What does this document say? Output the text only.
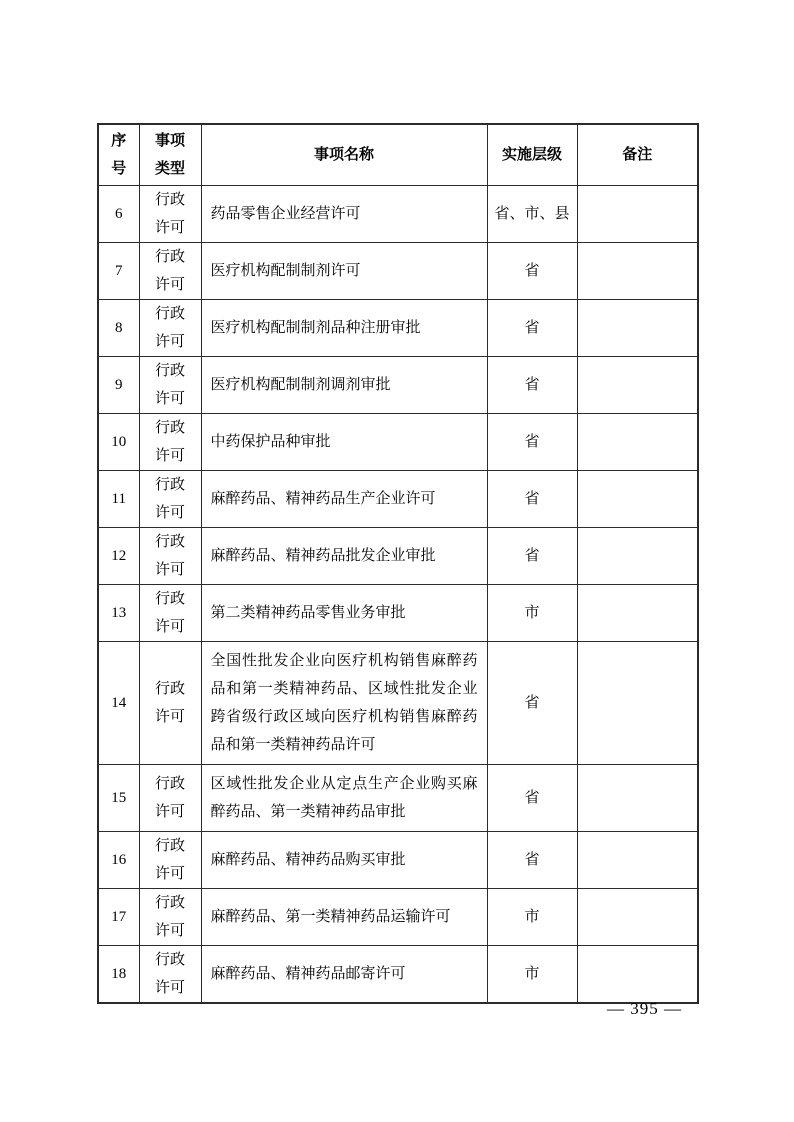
序号	事项类型	事项名称	实施层级	备注
6	行政许可	药品零售企业经营许可	省、市、县	
7	行政许可	医疗机构配制制剂许可	省	
8	行政许可	医疗机构配制制剂品种注册审批	省	
9	行政许可	医疗机构配制制剂调剂审批	省	
10	行政许可	中药保护品种审批	省	
11	行政许可	麻醉药品、精神药品生产企业许可	省	
12	行政许可	麻醉药品、精神药品批发企业审批	省	
13	行政许可	第二类精神药品零售业务审批	市	
14	行政许可	全国性批发企业向医疗机构销售麻醉药品和第一类精神药品、区域性批发企业跨省级行政区域向医疗机构销售麻醉药品和第一类精神药品许可	省	
15	行政许可	区域性批发企业从定点生产企业购买麻醉药品、第一类精神药品审批	省	
16	行政许可	麻醉药品、精神药品购买审批	省	
17	行政许可	麻醉药品、第一类精神药品运输许可	市	
18	行政许可	麻醉药品、精神药品邮寄许可	市	
— 395 —
